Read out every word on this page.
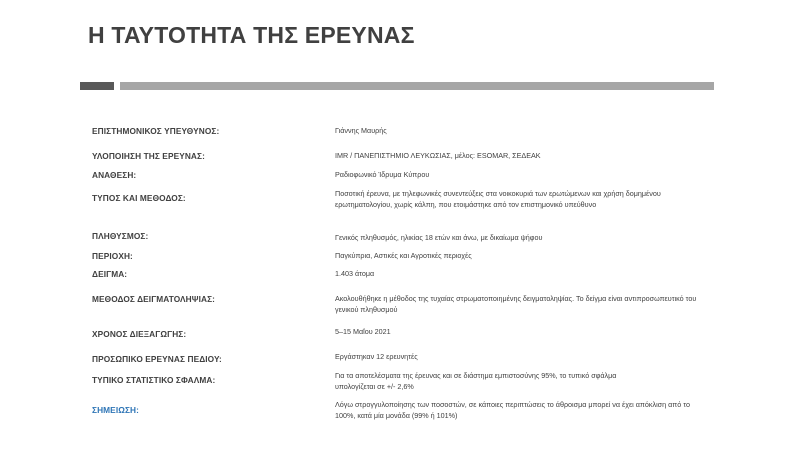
Η ΤΑΥΤΟΤΗΤΑ ΤΗΣ ΕΡΕΥΝΑΣ
ΕΠΙΣΤΗΜΟΝΙΚΟΣ ΥΠΕΥΘΥΝΟΣ:	Γιάννης Μαυρής
ΥΛΟΠΟΙΗΣΗ ΤΗΣ ΕΡΕΥΝΑΣ:	IMR / ΠΑΝΕΠΙΣΤΗΜΙΟ ΛΕΥΚΩΣΙΑΣ, μέλος: ESOMAR, ΣΕΔΕΑΚ
ΑΝΑΘΕΣΗ:	Ραδιοφωνικό Ίδρυμα Κύπρου
ΤΥΠΟΣ ΚΑΙ ΜΕΘΟΔΟΣ:	Ποσοτική έρευνα, με τηλεφωνικές συνεντεύξεις στα νοικοκυριά των ερωτώμενων και χρήση δομημένου ερωτηματολογίου, χωρίς κάλπη, που ετοιμάστηκε από τον επιστημονικό υπεύθυνο
ΠΛΗΘΥΣΜΟΣ:	Γενικός πληθυσμός, ηλικίας 18 ετών και άνω, με δικαίωμα ψήφου
ΠΕΡΙΟΧΗ:	Παγκύπρια, Αστικές και Αγροτικές περιοχές
ΔΕΙΓΜΑ:	1.403 άτομα
ΜΕΘΟΔΟΣ ΔΕΙΓΜΑΤΟΛΗΨΙΑΣ:	Ακολουθήθηκε η μέθοδος της τυχαίας στρωματοποιημένης δειγματοληψίας. Το δείγμα είναι αντιπροσωπευτικό του γενικού πληθυσμού
ΧΡΟΝΟΣ ΔΙΕΞΑΓΩΓΗΣ:	5–15 Μαΐου 2021
ΠΡΟΣΩΠΙΚΟ ΕΡΕΥΝΑΣ ΠΕΔΙΟΥ:	Εργάστηκαν 12 ερευνητές
ΤΥΠΙΚΟ ΣΤΑΤΙΣΤΙΚΟ ΣΦΑΛΜΑ:	Για τα αποτελέσματα της έρευνας και σε διάστημα εμπιστοσύνης 95%, το τυπικό σφάλμα υπολογίζεται σε +/- 2,6%
ΣΗΜΕΙΩΣΗ:
Λόγω στρογγυλοποίησης των ποσοστών, σε κάποιες περιπτώσεις το άθροισμα μπορεί να έχει απόκλιση από το 100%, κατά μία μονάδα (99% ή 101%)
